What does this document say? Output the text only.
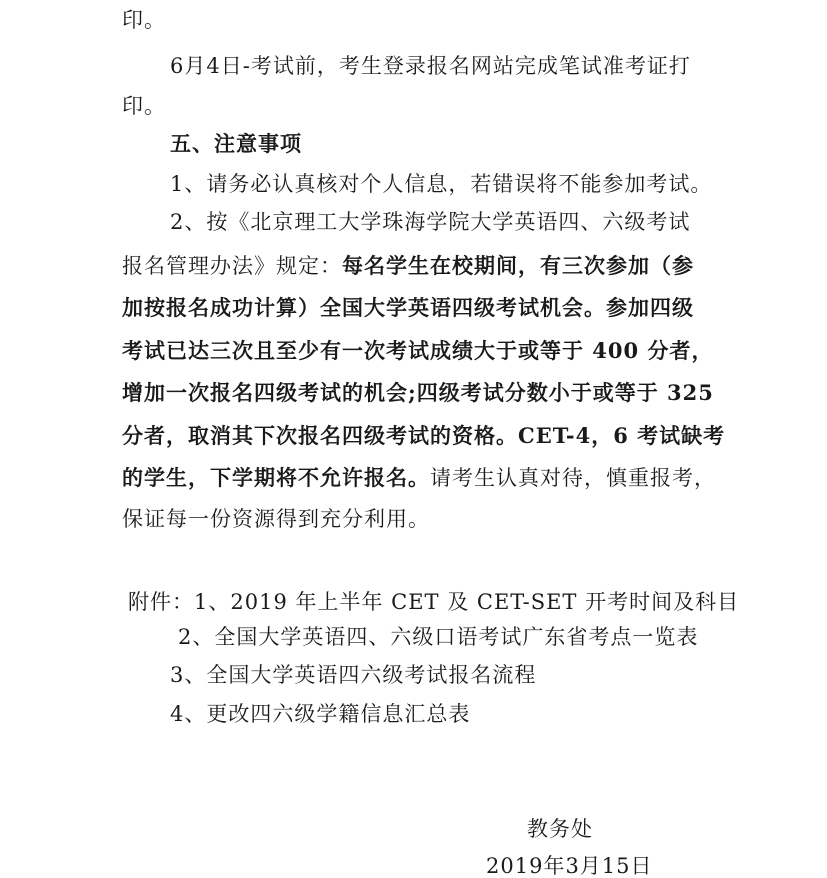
印。
6月4日-考试前，考生登录报名网站完成笔试准考证打
印。
五、注意事项
1、请务必认真核对个人信息，若错误将不能参加考试。
2、按《北京理工大学珠海学院大学英语四、六级考试
报名管理办法》规定：每名学生在校期间，有三次参加（参
加按报名成功计算）全国大学英语四级考试机会。参加四级
考试已达三次且至少有一次考试成绩大于或等于 400 分者，
增加一次报名四级考试的机会;四级考试分数小于或等于 325
分者，取消其下次报名四级考试的资格。CET-4，6 考试缺考
的学生，下学期将不允许报名。请考生认真对待，慎重报考，
保证每一份资源得到充分利用。
附件：1、2019 年上半年 CET 及 CET-SET 开考时间及科目
2、全国大学英语四、六级口语考试广东省考点一览表
3、全国大学英语四六级考试报名流程
4、更改四六级学籍信息汇总表
教务处
2019年3月15日
